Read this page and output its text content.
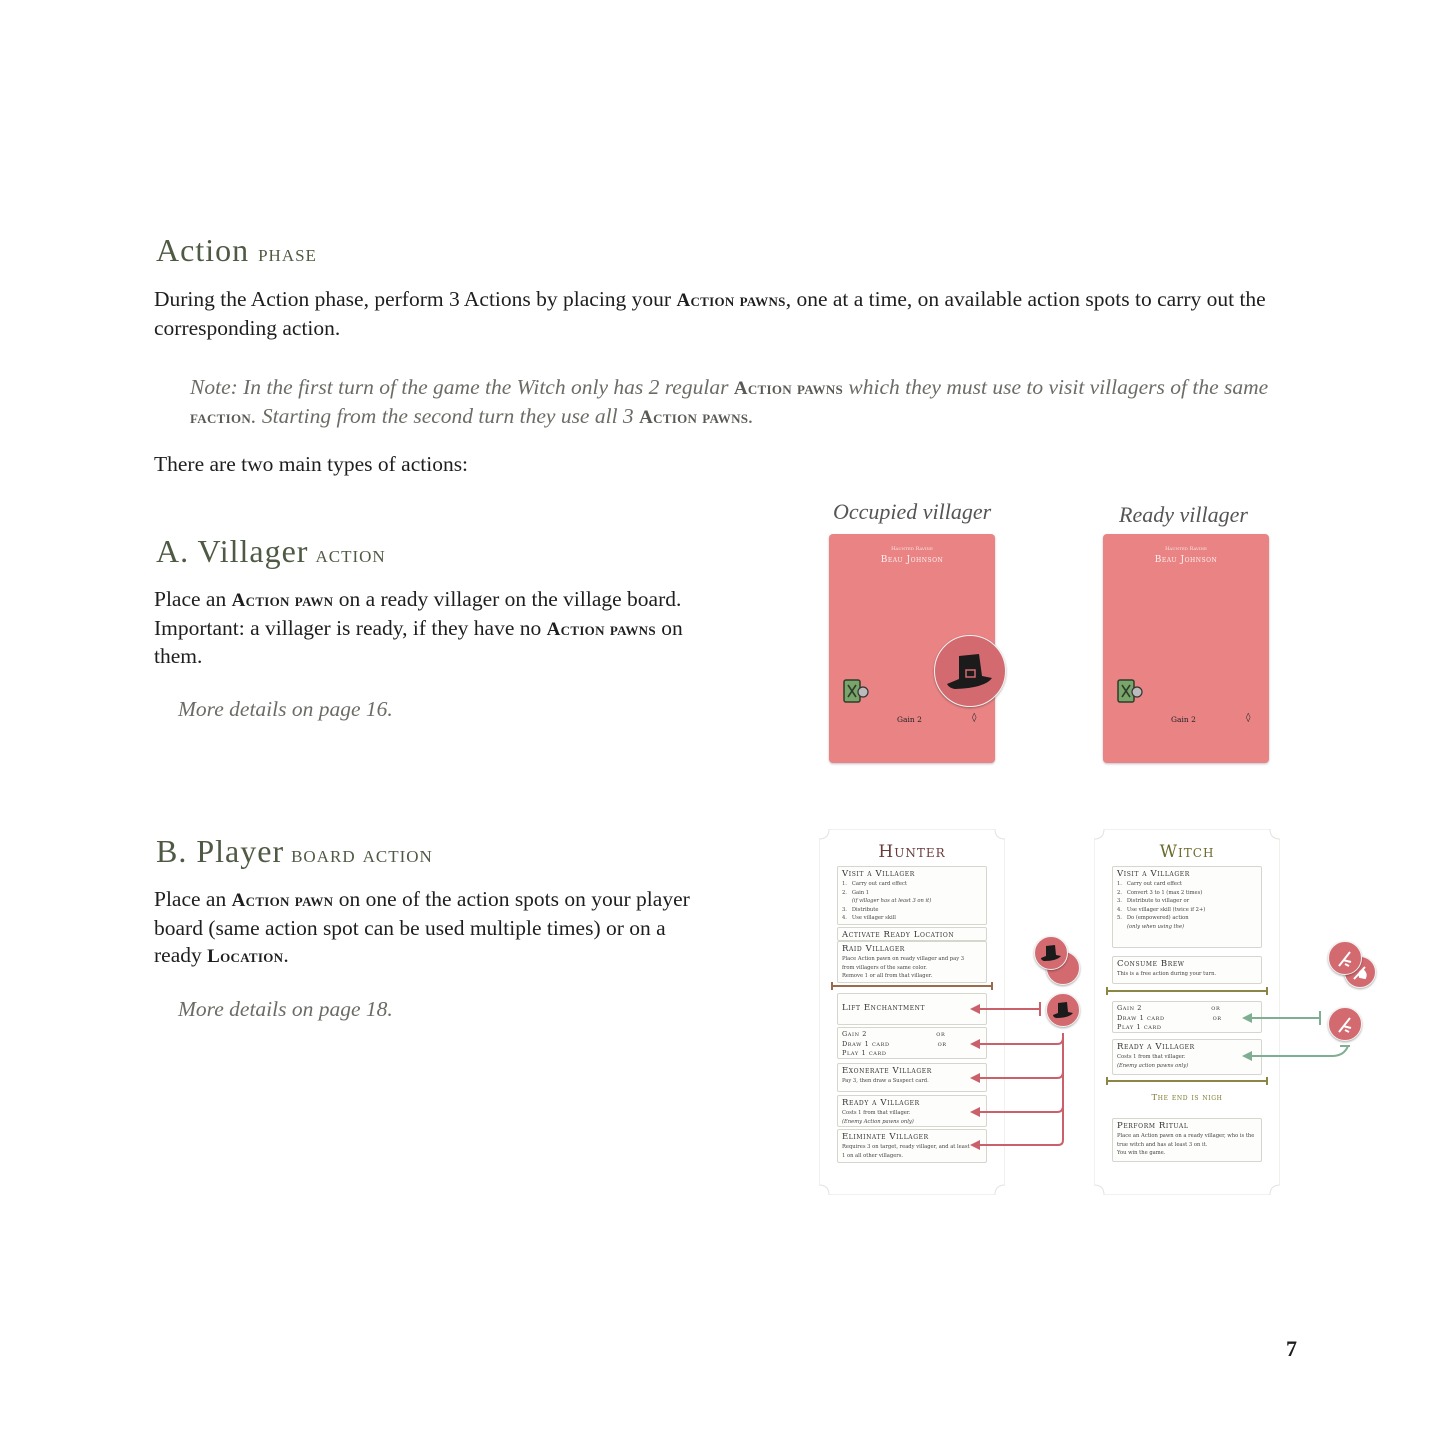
Action phase

During the Action phase, perform 3 Actions by placing your Action pawns, one at a time, on available action spots to carry out the corresponding action.

Note: In the first turn of the game the Witch only has 2 regular Action pawns which they must use to visit villagers of the same faction. Starting from the second turn they use all 3 Action pawns.

There are two main types of actions:

A. Villager action

Place an Action pawn on a ready villager on the village board. Important: a villager is ready, if they have no Action pawns on them.

More details on page 16.

Occupied villager	Ready villager
Haunted Ravine
Beau Johnson
Gain 2	◊
Haunted Ravine
Beau Johnson
Gain 2	◊
B. Player board action

Place an Action pawn on one of the action spots on your player board (same action spot can be used multiple times) or on a ready Location.

More details on page 18.

Hunter
Visit a Villager
1.   Carry out card effect
2.   Gain 1
(if villager has at least 3 on it)
3.   Distribute
4.   Use villager skill
Activate Ready Location
Raid Villager
Place Action pawn on ready villager and pay 3
from villagers of the same color.
Remove 1 or all from that villager.
Lift Enchantment
Gain 2                          or
Draw 1 card                  or
Play 1 card
Exonerate Villager
Pay 3, then draw a Suspect card.
Ready a Villager
Costs 1 from that villager.
(Enemy Action pawns only)
Eliminate Villager
Requires 3 on target, ready villager, and at least
1 on all other villagers.
Witch
Visit a Villager
1.   Carry out card effect
2.   Convert 3 to 1 (max 2 times)
3.   Distribute to villager or
4.   Use villager skill (twice if 2+)
5.   Do (empowered) action
(only when using the)
Consume Brew
This is a free action during your turn.
Gain 2                          or
Draw 1 card                  or
Play 1 card
Ready a Villager
Costs 1 from that villager.
(Enemy action pawns only)
The end is nigh
Perform Ritual
Place an Action pawn on a ready villager, who is the
true witch and has at least 3 on it.
You win the game.
7
